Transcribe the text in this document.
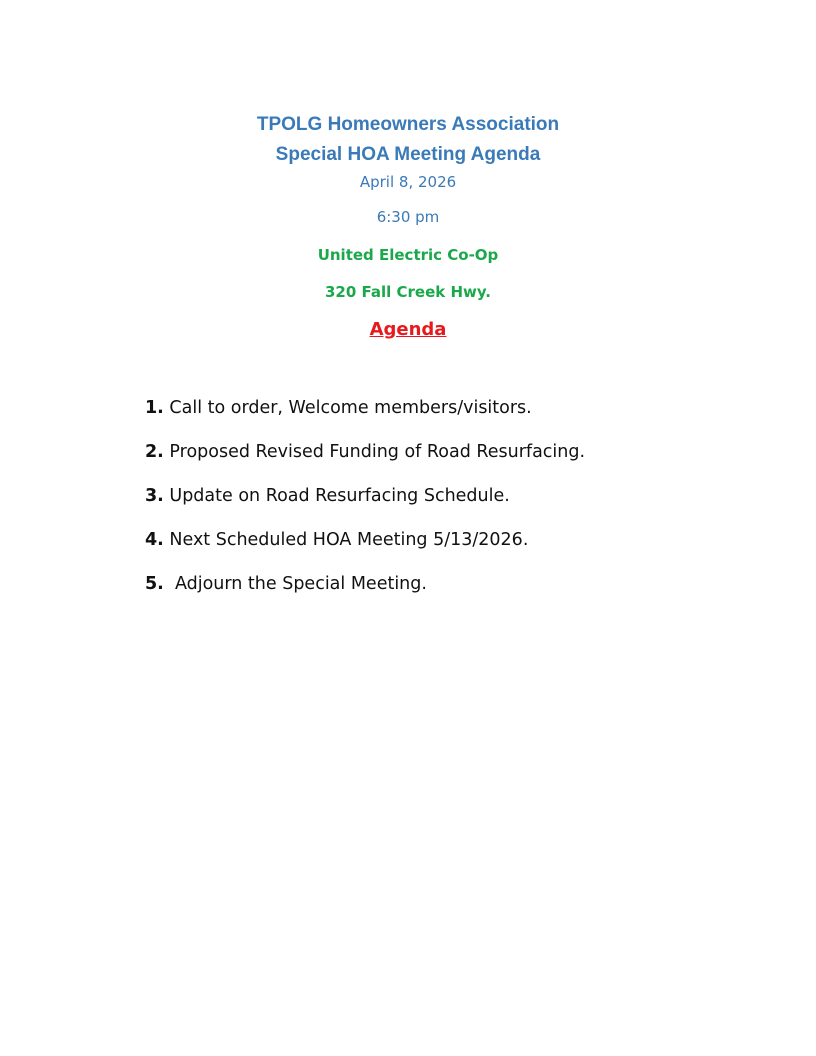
TPOLG Homeowners Association
Special HOA Meeting Agenda
April 8, 2026
6:30 pm
United Electric Co-Op
320 Fall Creek Hwy.
Agenda
1. Call to order, Welcome members/visitors.
2. Proposed Revised Funding of Road Resurfacing.
3. Update on Road Resurfacing Schedule.
4. Next Scheduled HOA Meeting 5/13/2026.
5.  Adjourn the Special Meeting.
